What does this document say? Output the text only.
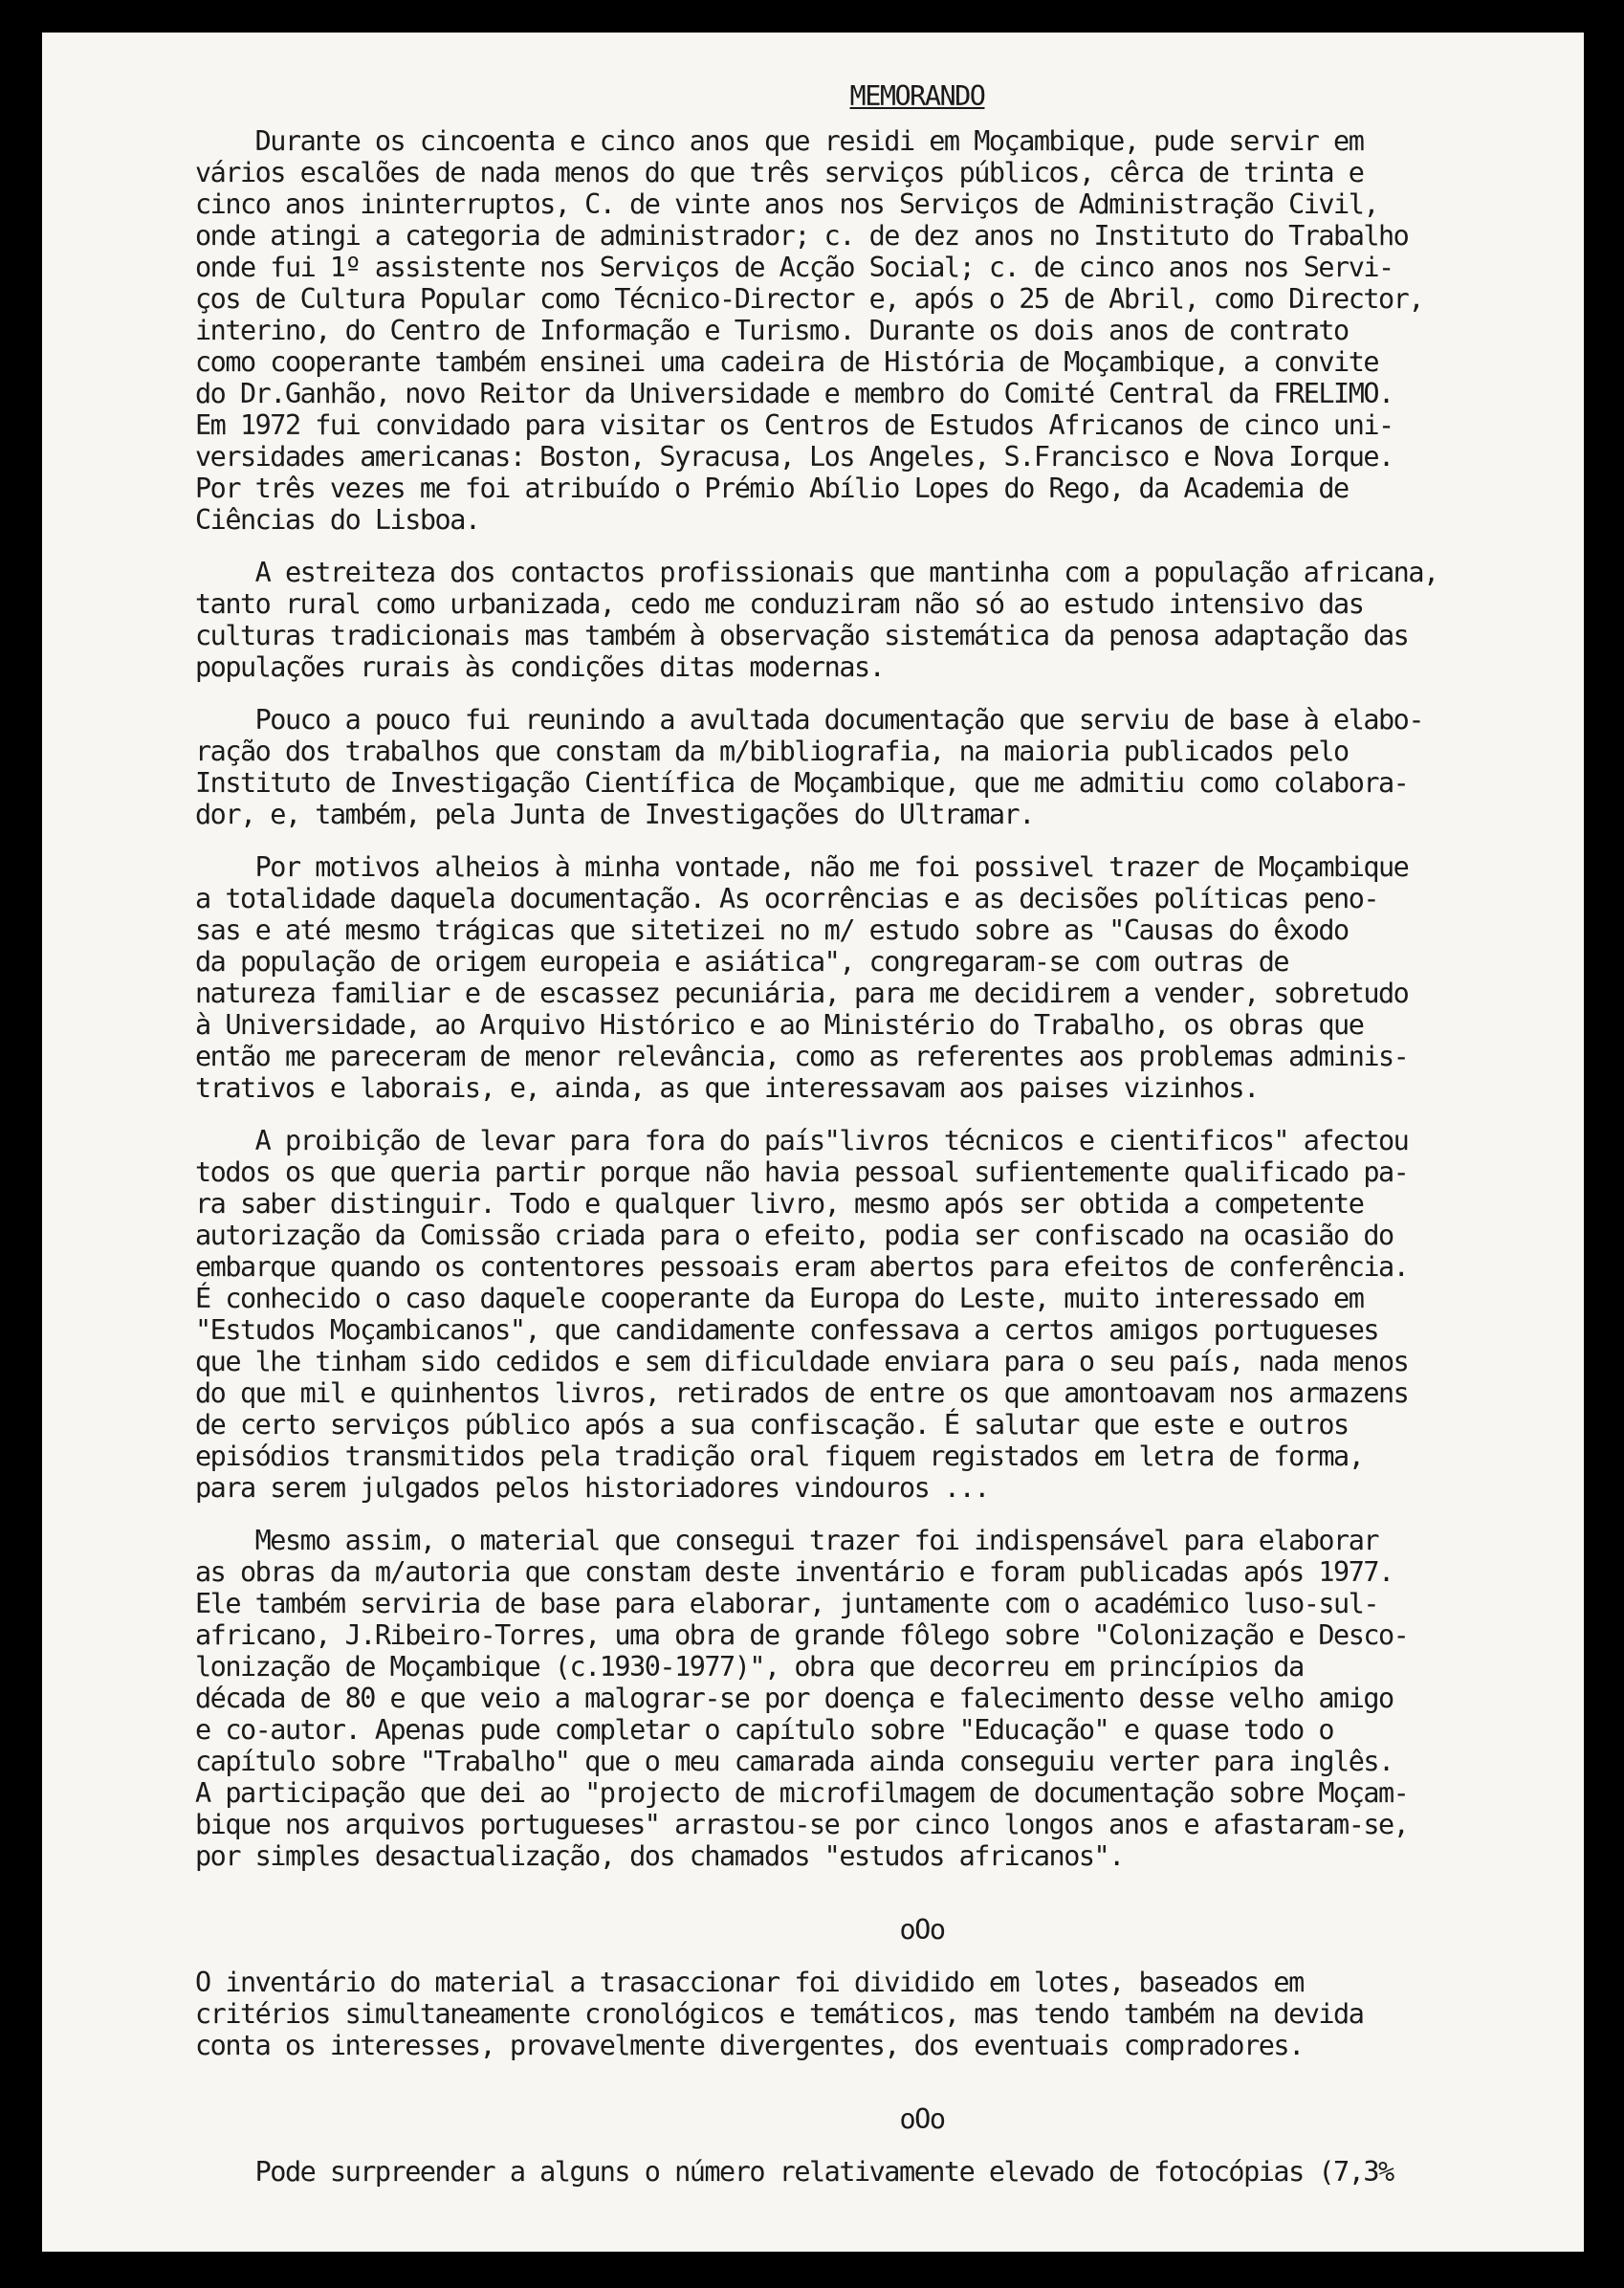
MEMORANDO
Durante os cincoenta e cinco anos que residi em Moçambique, pude servir em
vários escalões de nada menos do que três serviços públicos, cêrca de trinta e
cinco anos ininterruptos, C. de vinte anos nos Serviços de Administração Civil,
onde atingi a categoria de administrador; c. de dez anos no Instituto do Trabalho
onde fui 1º assistente nos Serviços de Acção Social; c. de cinco anos nos Servi-
ços de Cultura Popular como Técnico-Director e, após o 25 de Abril, como Director,
interino, do Centro de Informação e Turismo. Durante os dois anos de contrato
como cooperante também ensinei uma cadeira de História de Moçambique, a convite
do Dr.Ganhão, novo Reitor da Universidade e membro do Comité Central da FRELIMO.
Em 1972 fui convidado para visitar os Centros de Estudos Africanos de cinco uni-
versidades americanas: Boston, Syracusa, Los Angeles, S.Francisco e Nova Iorque.
Por três vezes me foi atribuído o Prémio Abílio Lopes do Rego, da Academia de
Ciências do Lisboa.
A estreiteza dos contactos profissionais que mantinha com a população africana,
tanto rural como urbanizada, cedo me conduziram não só ao estudo intensivo das
culturas tradicionais mas também à observação sistemática da penosa adaptação das
populações rurais às condições ditas modernas.
Pouco a pouco fui reunindo a avultada documentação que serviu de base à elabo-
ração dos trabalhos que constam da m/bibliografia, na maioria publicados pelo
Instituto de Investigação Científica de Moçambique, que me admitiu como colabora-
dor, e, também, pela Junta de Investigações do Ultramar.
Por motivos alheios à minha vontade, não me foi possivel trazer de Moçambique
a totalidade daquela documentação. As ocorrências e as decisões políticas peno-
sas e até mesmo trágicas que sitetizei no m/ estudo sobre as "Causas do êxodo
da população de origem europeia e asiática", congregaram-se com outras de
natureza familiar e de escassez pecuniária, para me decidirem a vender, sobretudo
à Universidade, ao Arquivo Histórico e ao Ministério do Trabalho, os obras que
então me pareceram de menor relevância, como as referentes aos problemas adminis-
trativos e laborais, e, ainda, as que interessavam aos paises vizinhos.
A proibição de levar para fora do país"livros técnicos e cientificos" afectou
todos os que queria partir porque não havia pessoal sufientemente qualificado pa-
ra saber distinguir. Todo e qualquer livro, mesmo após ser obtida a competente
autorização da Comissão criada para o efeito, podia ser confiscado na ocasião do
embarque quando os contentores pessoais eram abertos para efeitos de conferência.
É conhecido o caso daquele cooperante da Europa do Leste, muito interessado em
"Estudos Moçambicanos", que candidamente confessava a certos amigos portugueses
que lhe tinham sido cedidos e sem dificuldade enviara para o seu país, nada menos
do que mil e quinhentos livros, retirados de entre os que amontoavam nos armazens
de certo serviços público após a sua confiscação. É salutar que este e outros
episódios transmitidos pela tradição oral fiquem registados em letra de forma,
para serem julgados pelos historiadores vindouros ...
Mesmo assim, o material que consegui trazer foi indispensável para elaborar
as obras da m/autoria que constam deste inventário e foram publicadas após 1977.
Ele também serviria de base para elaborar, juntamente com o académico luso-sul-
africano, J.Ribeiro-Torres, uma obra de grande fôlego sobre "Colonização e Desco-
lonização de Moçambique (c.1930-1977)", obra que decorreu em princípios da
década de 80 e que veio a malograr-se por doença e falecimento desse velho amigo
e co-autor. Apenas pude completar o capítulo sobre "Educação" e quase todo o
capítulo sobre "Trabalho" que o meu camarada ainda conseguiu verter para inglês.
A participação que dei ao "projecto de microfilmagem de documentação sobre Moçam-
bique nos arquivos portugueses" arrastou-se por cinco longos anos e afastaram-se,
por simples desactualização, dos chamados "estudos africanos".
oOo
O inventário do material a trasaccionar foi dividido em lotes, baseados em
critérios simultaneamente cronológicos e temáticos, mas tendo também na devida
conta os interesses, provavelmente divergentes, dos eventuais compradores.
oOo
Pode surpreender a alguns o número relativamente elevado de fotocópias (7,3%
